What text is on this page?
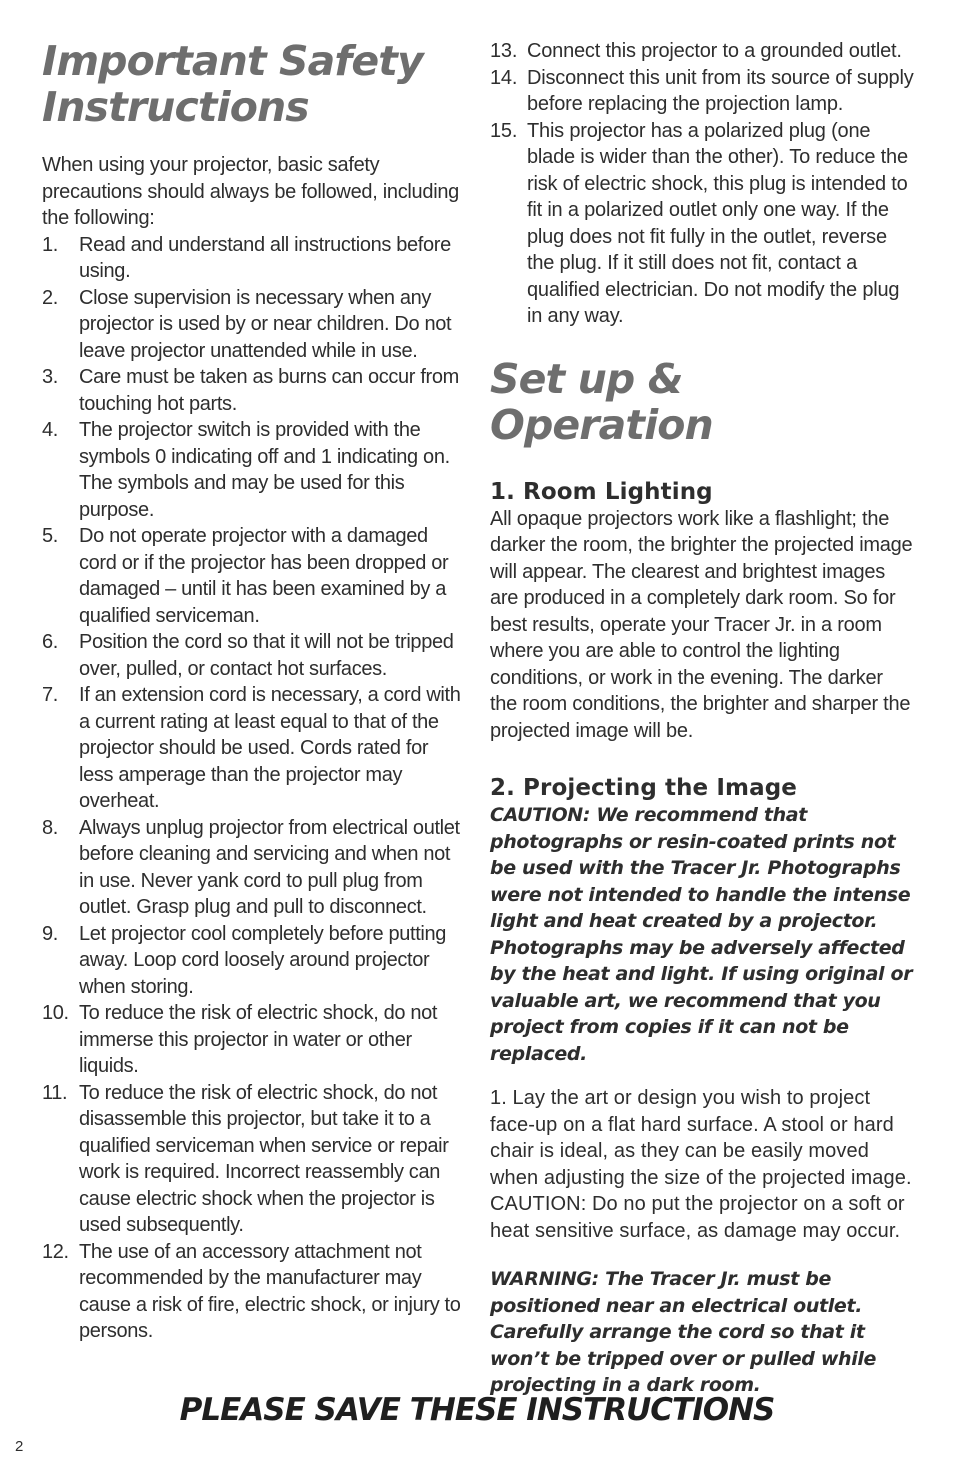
Important Safety
Instructions

When using your projector, basic safety precautions should always be followed, including the following:

1. Read and understand all instructions before using.
2. Close supervision is necessary when any projector is used by or near children. Do not leave projector unattended while in use.
3. Care must be taken as burns can occur from touching hot parts.
4. The projector switch is provided with the symbols 0 indicating off and 1 indicating on. The symbols and may be used for this purpose.
5. Do not operate projector with a damaged cord or if the projector has been dropped or damaged – until it has been examined by a qualified serviceman.
6. Position the cord so that it will not be tripped over, pulled, or contact hot surfaces.
7. If an extension cord is necessary, a cord with a current rating at least equal to that of the projector should be used. Cords rated for less amperage than the projector may overheat.
8. Always unplug projector from electrical outlet before cleaning and servicing and when not in use. Never yank cord to pull plug from outlet. Grasp plug and pull to disconnect.
9. Let projector cool completely before putting away. Loop cord loosely around projector when storing.
10. To reduce the risk of electric shock, do not immerse this projector in water or other liquids.
11. To reduce the risk of electric shock, do not disassemble this projector, but take it to a qualified serviceman when service or repair work is required. Incorrect reassembly can cause electric shock when the projector is used subsequently.
12. The use of an accessory attachment not recommended by the manufacturer may cause a risk of fire, electric shock, or injury to persons.
13. Connect this projector to a grounded outlet.
14. Disconnect this unit from its source of supply before replacing the projection lamp.
15. This projector has a polarized plug (one blade is wider than the other). To reduce the risk of electric shock, this plug is intended to fit in a polarized outlet only one way. If the plug does not fit fully in the outlet, reverse the plug. If it still does not fit, contact a qualified electrician. Do not modify the plug in any way.
Set up & Operation
1. Room Lighting

All opaque projectors work like a flashlight; the darker the room, the brighter the projected image will appear. The clearest and brightest images are produced in a completely dark room. So for best results, operate your Tracer Jr. in a room where you are able to control the lighting conditions, or work in the evening. The darker the room conditions, the brighter and sharper the projected image will be.

2. Projecting the Image

CAUTION: We recommend that photographs or resin-coated prints not be used with the Tracer Jr. Photographs were not intended to handle the intense light and heat created by a projector. Photographs may be adversely affected by the heat and light. If using original or valuable art, we recommend that you project from copies if it can not be replaced.

1. Lay the art or design you wish to project face-up on a flat hard surface. A stool or hard chair is ideal, as they can be easily moved when adjusting the size of the projected image. CAUTION: Do no put the projector on a soft or heat sensitive surface, as damage may occur.

WARNING: The Tracer Jr. must be positioned near an electrical outlet. Carefully arrange the cord so that it won’t be tripped over or pulled while projecting in a dark room.

PLEASE SAVE THESE INSTRUCTIONS
2
